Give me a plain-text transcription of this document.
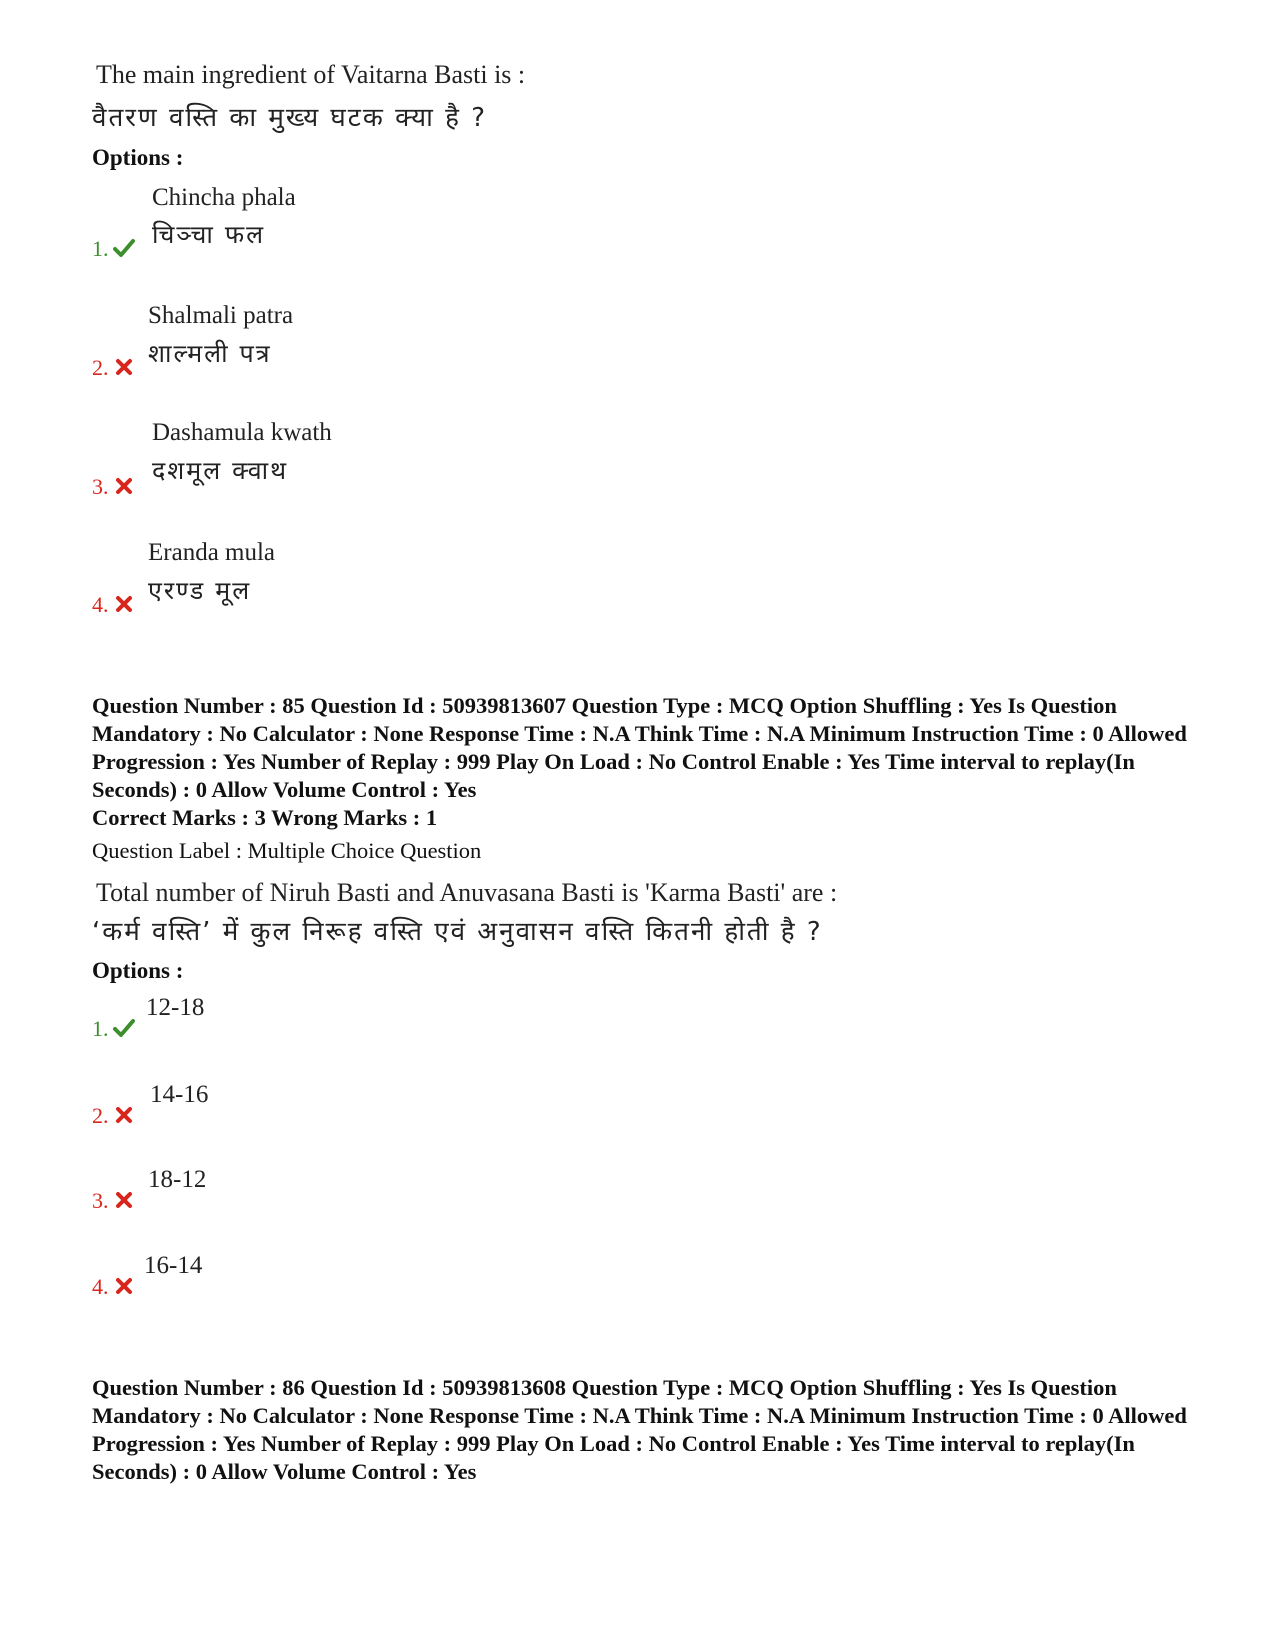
The main ingredient of Vaitarna Basti is :
वैतरण वस्ति का मुख्य घटक क्या है ?
Options :
Chincha phala
चिञ्चा फल
1.
Shalmali patra
शाल्मली पत्र
2.
Dashamula kwath
दशमूल क्वाथ
3.
Eranda mula
एरण्ड मूल
4.
Question Number : 85 Question Id : 50939813607 Question Type : MCQ Option Shuffling : Yes Is Question Mandatory : No Calculator : None Response Time : N.A Think Time : N.A Minimum Instruction Time : 0 Allowed Progression : Yes Number of Replay : 999 Play On Load : No Control Enable : Yes Time interval to replay(In Seconds) : 0 Allow Volume Control : Yes
Correct Marks : 3 Wrong Marks : 1
Question Label : Multiple Choice Question
Total number of Niruh Basti and Anuvasana Basti is 'Karma Basti' are :
‘कर्म वस्ति’ में कुल निरूह वस्ति एवं अनुवासन वस्ति कितनी होती है ?
Options :
12-18
1.
14-16
2.
18-12
3.
16-14
4.
Question Number : 86 Question Id : 50939813608 Question Type : MCQ Option Shuffling : Yes Is Question Mandatory : No Calculator : None Response Time : N.A Think Time : N.A Minimum Instruction Time : 0 Allowed Progression : Yes Number of Replay : 999 Play On Load : No Control Enable : Yes Time interval to replay(In Seconds) : 0 Allow Volume Control : Yes
